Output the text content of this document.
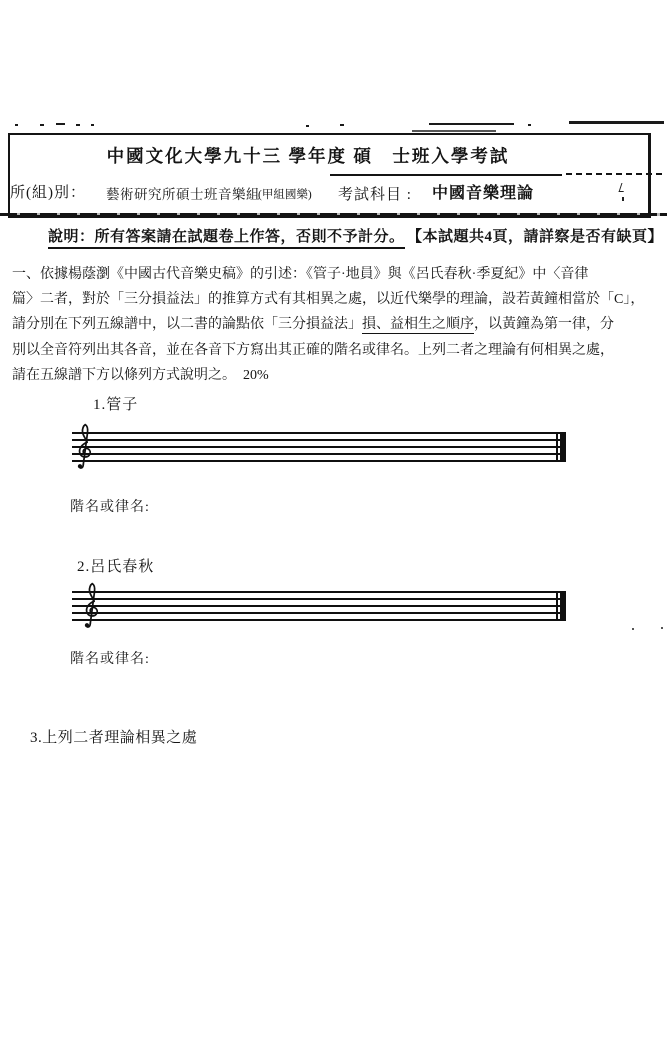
中國文化大學九十三 學年度 碩　士班入學考試
所(組)別： 藝術研究所碩士班音樂組
(甲組國樂) 考試科目 : 中國音樂理論
說明：所有答案請在試題卷上作答，否則不予計分。 【本試題共4頁，請詳察是否有缺頁】
一、依據楊蔭瀏《中國古代音樂史稿》的引述：《管子·地員》與《呂氏春秋·季夏紀》中〈音律
篇〉二者，對於「三分損益法」的推算方式有其相異之處，以近代樂學的理論，設若黃鐘相當於「C」，
請分別在下列五線譜中，以二書的論點依「三分損益法」損、益相生之順序，以黃鐘為第一律，分
別以全音符列出其各音，並在各音下方寫出其正確的階名或律名。上列二者之理論有何相異之處，
請在五線譜下方以條列方式說明之。　20%
1.管子
階名或律名:
2.呂氏春秋
階名或律名:
3.上列二者理論相異之處
